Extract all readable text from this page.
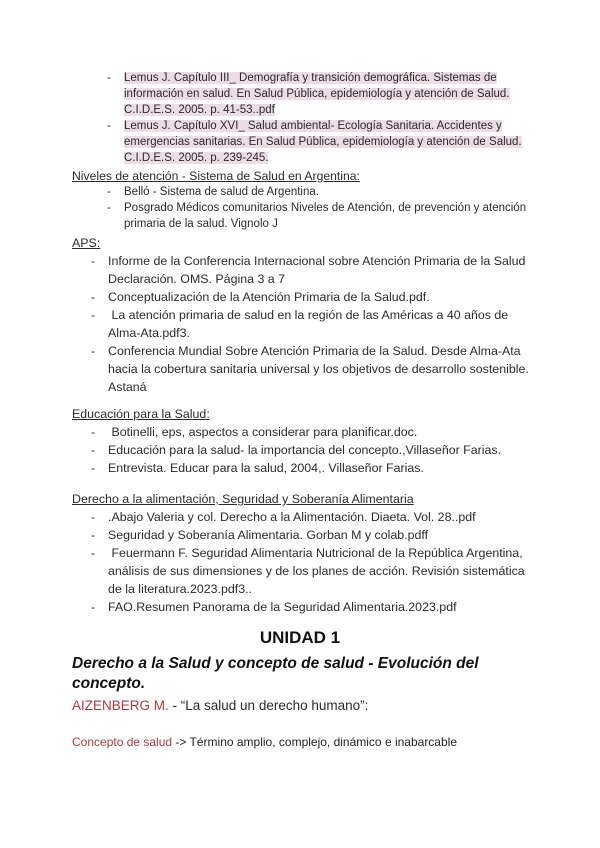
- Lemus J. Capítulo III_ Demografía y transición demográfica. Sistemas de información en salud. En Salud Pública, epidemiología y atención de Salud. C.I.D.E.S. 2005. p. 41-53..pdf
- Lemus J. Capítulo XVI_ Salud ambiental- Ecología Sanitaria. Accidentes y emergencias sanitarias. En Salud Pública, epidemiología y atención de Salud. C.I.D.E.S. 2005. p. 239-245.
Niveles de atención - Sistema de Salud en Argentina:
- Belló - Sistema de salud de Argentina.
- Posgrado Médicos comunitarios Niveles de Atención, de prevención y atención primaria de la salud. Vignolo J
APS:
- Informe de la Conferencia Internacional sobre Atención Primaria de la Salud Declaración. OMS. Página 3 a 7
- Conceptualización de la Atención Primaria de la Salud.pdf.
-  La atención primaria de salud en la región de las Américas a 40 años de Alma-Ata.pdf3.
- Conferencia Mundial Sobre Atención Primaria de la Salud. Desde Alma-Ata hacia la cobertura sanitaria universal y los objetivos de desarrollo sostenible. Astaná
Educación para la Salud:
-  Botinelli, eps, aspectos a considerar para planificar.doc.
- Educación para la salud- la importancia del concepto.,Villaseñor Farias.
- Entrevista. Educar para la salud, 2004,. Villaseñor Farias.
Derecho a la alimentación, Seguridad y Soberanía Alimentaria
- .Abajo Valeria y col. Derecho a la Alimentación. Diaeta. Vol. 28..pdf
- Seguridad y Soberanía Alimentaria. Gorban M y colab.pdff
-  Feuermann F. Seguridad Alimentaria Nutricional de la República Argentina, análisis de sus dimensiones y de los planes de acción. Revisión sistemática de la literatura.2023.pdf3..
- FAO.Resumen Panorama de la Seguridad Alimentaria.2023.pdf
UNIDAD 1
Derecho a la Salud y concepto de salud - Evolución del concepto.
AIZENBERG M. - “La salud un derecho humano”:
Concepto de salud -> Término amplio, complejo, dinámico e inabarcable
